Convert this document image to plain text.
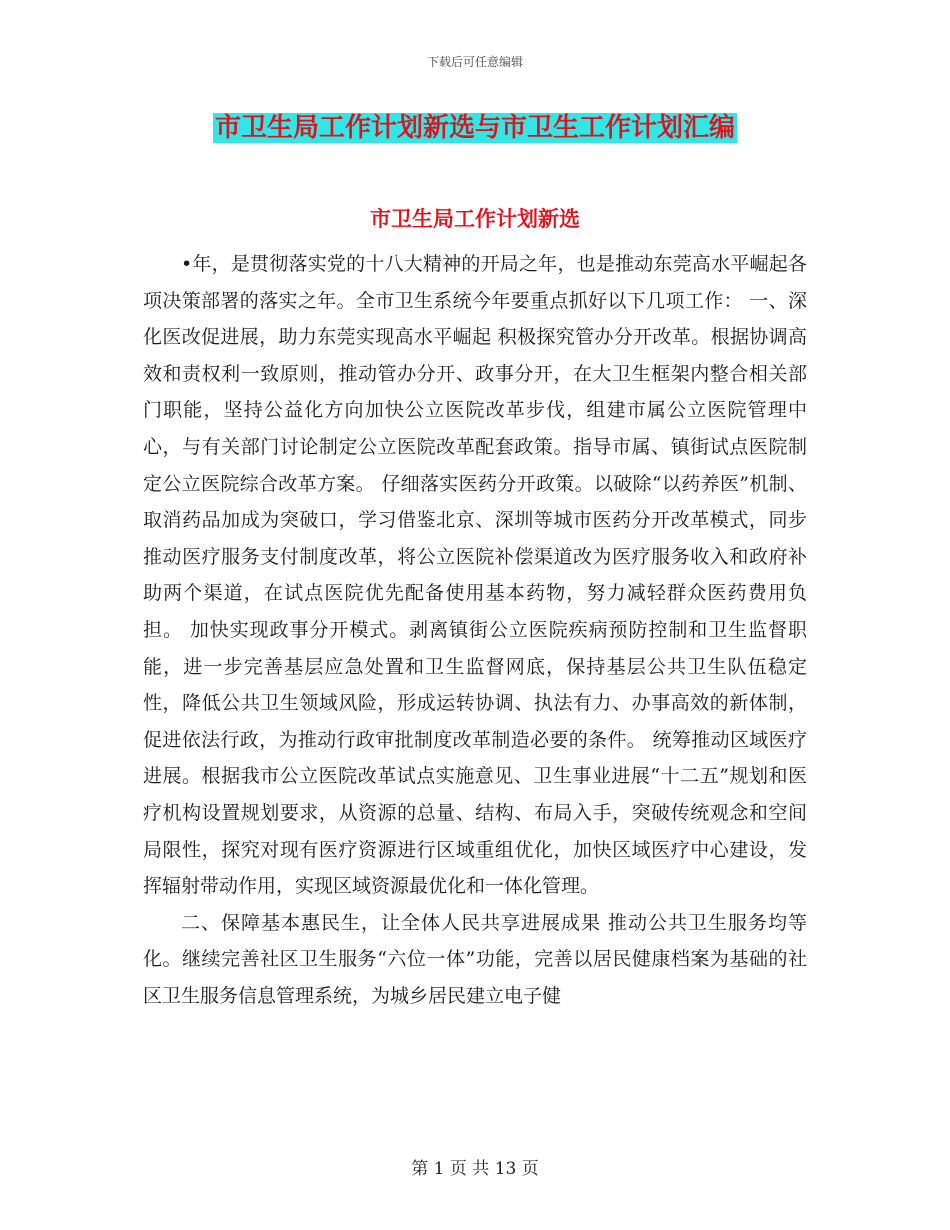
下载后可任意编辑
市卫生局工作计划新选与市卫生工作计划汇编
市卫生局工作计划新选

•年，是贯彻落实党的十八大精神的开局之年，也是推动东莞高水平崛起各项决策部署的落实之年。全市卫生系统今年要重点抓好以下几项工作： 一、深化医改促进展，助力东莞实现高水平崛起 积极探究管办分开改革。根据协调高效和责权利一致原则，推动管办分开、政事分开，在大卫生框架内整合相关部门职能，坚持公益化方向加快公立医院改革步伐，组建市属公立医院管理中心，与有关部门讨论制定公立医院改革配套政策。指导市属、镇街试点医院制定公立医院综合改革方案。 仔细落实医药分开政策。以破除“以药养医”机制、取消药品加成为突破口，学习借鉴北京、深圳等城市医药分开改革模式，同步推动医疗服务支付制度改革，将公立医院补偿渠道改为医疗服务收入和政府补助两个渠道，在试点医院优先配备使用基本药物，努力减轻群众医药费用负担。 加快实现政事分开模式。剥离镇街公立医院疾病预防控制和卫生监督职能，进一步完善基层应急处置和卫生监督网底，保持基层公共卫生队伍稳定性，降低公共卫生领域风险，形成运转协调、执法有力、办事高效的新体制，促进依法行政，为推动行政审批制度改革制造必要的条件。 统筹推动区域医疗进展。根据我市公立医院改革试点实施意见、卫生事业进展“十二五”规划和医疗机构设置规划要求，从资源的总量、结构、布局入手，突破传统观念和空间局限性，探究对现有医疗资源进行区域重组优化，加快区域医疗中心建设，发挥辐射带动作用，实现区域资源最优化和一体化管理。

二、保障基本惠民生，让全体人民共享进展成果 推动公共卫生服务均等化。继续完善社区卫生服务“六位一体”功能，完善以居民健康档案为基础的社区卫生服务信息管理系统，为城乡居民建立电子健

第 1 页 共 13 页
